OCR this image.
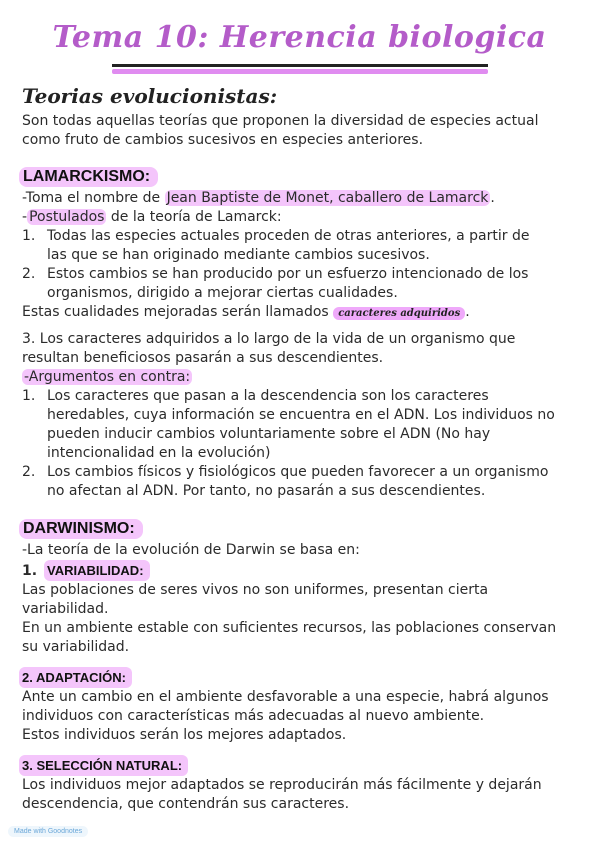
Tema 10: Herencia biologica
Teorias evolucionistas:
Son todas aquellas teorías que proponen la diversidad de especies actual
como fruto de cambios sucesivos en especies anteriores.
LAMARCKISMO:
-Toma el nombre de Jean Baptiste de Monet, caballero de Lamarck .
- Postulados de la teoría de Lamarck:
1. Todas las especies actuales proceden de otras anteriores, a partir de
las que se han originado mediante cambios sucesivos.
2. Estos cambios se han producido por un esfuerzo intencionado de los
organismos, dirigido a mejorar ciertas cualidades.
Estas cualidades mejoradas serán llamados caracteres adquiridos .
3. Los caracteres adquiridos a lo largo de la vida de un organismo que
resultan beneficiosos pasarán a sus descendientes.
-Argumentos en contra:
1. Los caracteres que pasan a la descendencia son los caracteres
heredables, cuya información se encuentra en el ADN. Los individuos no
pueden inducir cambios voluntariamente sobre el ADN (No hay
intencionalidad en la evolución)
2. Los cambios físicos y fisiológicos que pueden favorecer a un organismo
no afectan al ADN. Por tanto, no pasarán a sus descendientes.
DARWINISMO:
-La teoría de la evolución de Darwin se basa en:
1. VARIABILIDAD:
Las poblaciones de seres vivos no son uniformes, presentan cierta
variabilidad.
En un ambiente estable con suficientes recursos, las poblaciones conservan
su variabilidad.
2. ADAPTACIÓN:
Ante un cambio en el ambiente desfavorable a una especie, habrá algunos
individuos con características más adecuadas al nuevo ambiente.
Estos individuos serán los mejores adaptados.
3. SELECCIÓN NATURAL:
Los individuos mejor adaptados se reproducirán más fácilmente y dejarán
descendencia, que contendrán sus caracteres.
Made with Goodnotes
